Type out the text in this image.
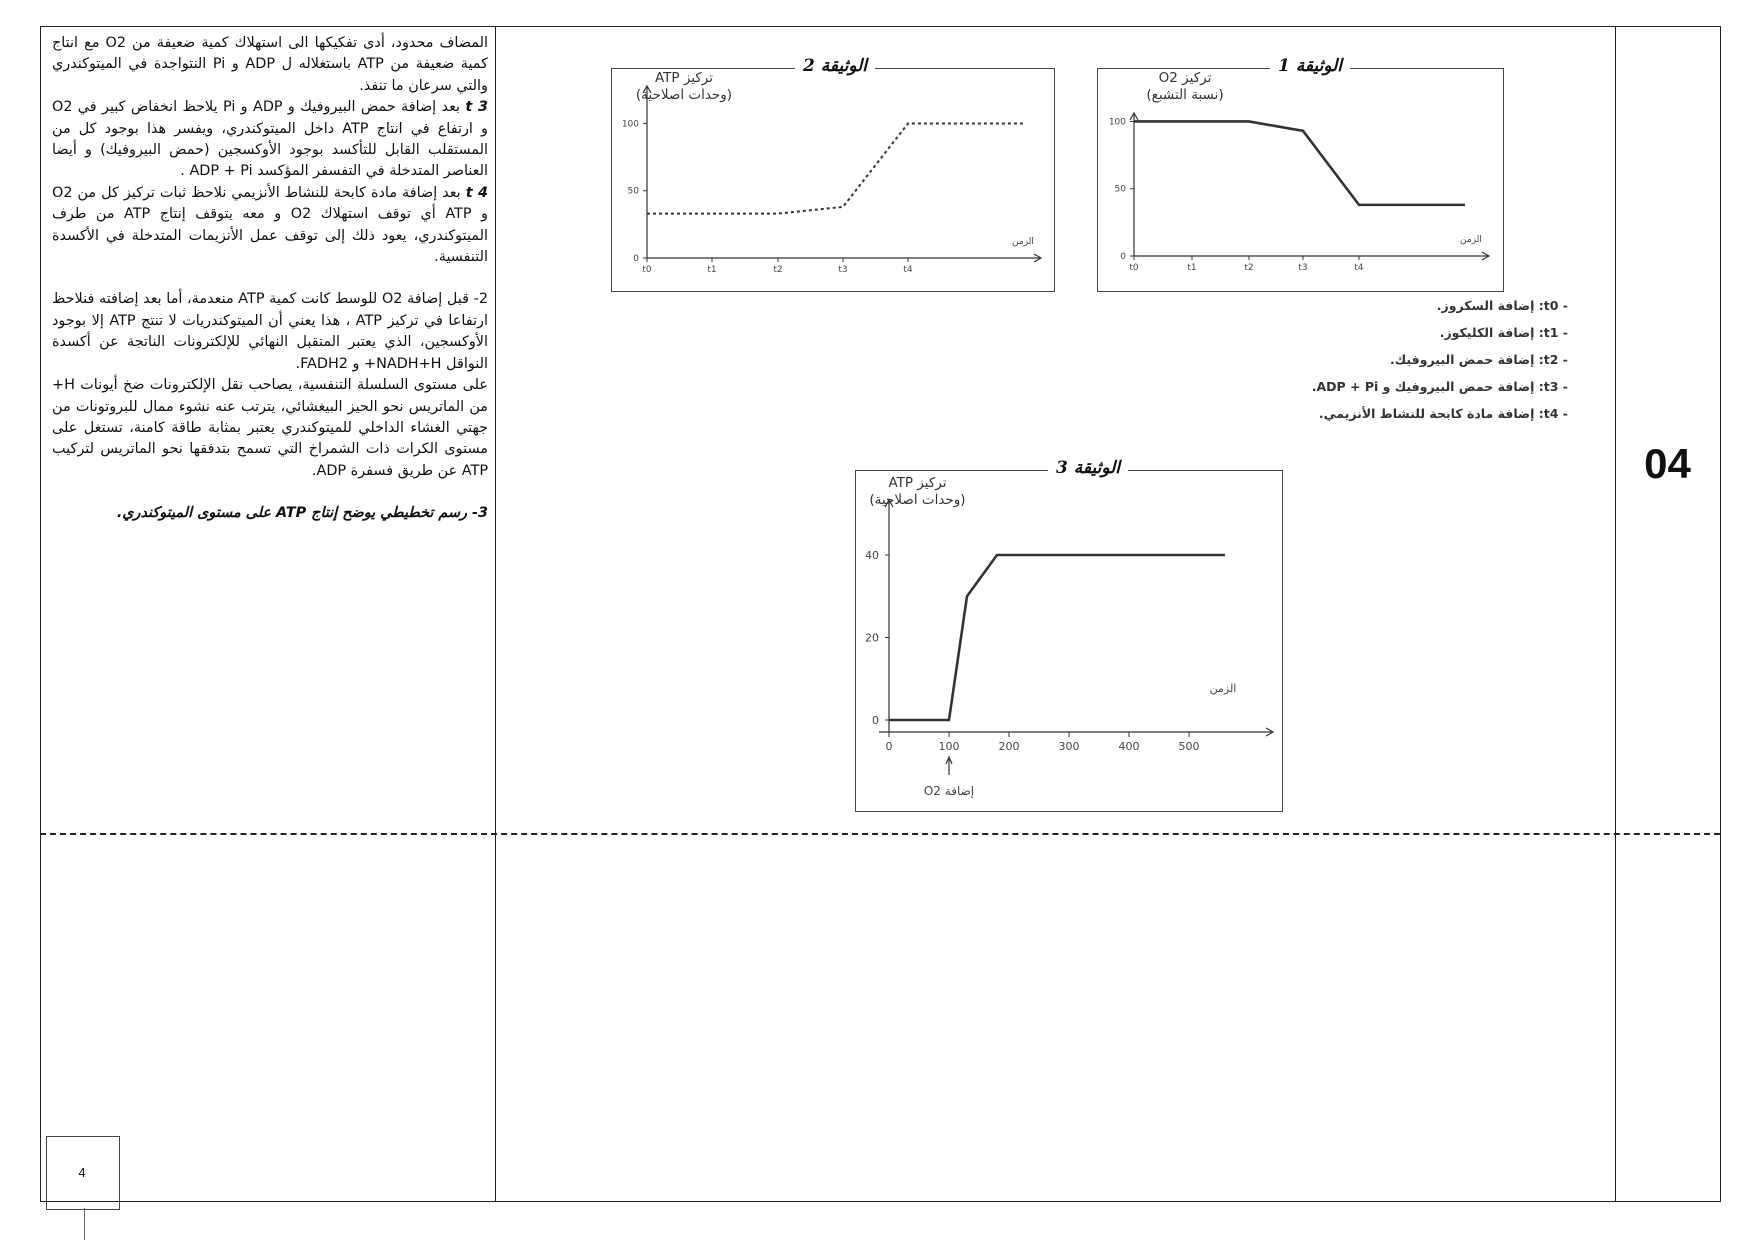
المضاف محدود، أدى تفكيكها الى استهلاك كمية ضعيفة من O2 مع انتاج كمية ضعيفة من ATP باستغلاله ل ADP و Pi النتواجدة في الميتوكندري والتي سرعان ما تنفذ.

t 3 بعد إضافة حمض البيروفيك و ADP و Pi يلاحظ انخفاض كبير في O2 و ارتفاع في انتاج ATP داخل الميتوكندري، ويفسر هذا بوجود كل من المستقلب القابل للتأكسد بوجود الأوكسجين (حمض البيروفيك) و أيضا العناصر المتدخلة في التفسفر المؤكسد ADP + Pi .

t 4 بعد إضافة مادة كابحة للنشاط الأنزيمي نلاحظ ثبات تركيز كل من O2 و ATP أي توقف استهلاك O2 و معه يتوقف إنتاج ATP من طرف الميتوكندري، يعود ذلك إلى توقف عمل الأنزيمات المتدخلة في الأكسدة التنفسية.

2- قبل إضافة O2 للوسط كانت كمية ATP منعدمة، أما بعد إضافته فنلاحظ ارتفاعا في تركيز ATP ، هذا يعني أن الميتوكندريات لا تنتج ATP إلا بوجود الأوكسجين، الذي يعتبر المتقبل النهائي للإلكترونات الناتجة عن أكسدة النواقل NADH+H+ و FADH2.

على مستوى السلسلة التنفسية، يصاحب نقل الإلكترونات ضخ أيونات H+ من الماتريس نحو الحيز البيغشائي، يترتب عنه نشوء ممال للبروتونات من جهتي الغشاء الداخلي للميتوكندري يعتبر بمثابة طاقة كامنة، تستغل على مستوى الكرات ذات الشمراخ التي تسمح بتدفقها نحو الماتريس لتركيب ATP عن طريق فسفرة ADP.

3- رسم تخطيطي يوضح إنتاج ATP على مستوى الميتوكندري.

الوثيقة 1
تركيز O2
(نسبة التشبع)
0
50
100
t0	t1	t2	t3	t4
الزمن
الوثيقة 2
تركيز ATP
(وحدات اصلاحية)
0
50
100
t0	t1	t2	t3	t4
الزمن
- t0: إضافة السكروز.
- t1: إضافة الكليكوز.
- t2: إضافة حمض البيروفيك.
- t3: إضافة حمض البيروفيك و ADP + Pi.
- t4: إضافة مادة كابحة للنشاط الأنزيمي.
الوثيقة 3
تركيز ATP
(وحدات اصلاحية)
0
20
40
0	100	200	300	400	500
الزمن
إضافة O2
04
4
